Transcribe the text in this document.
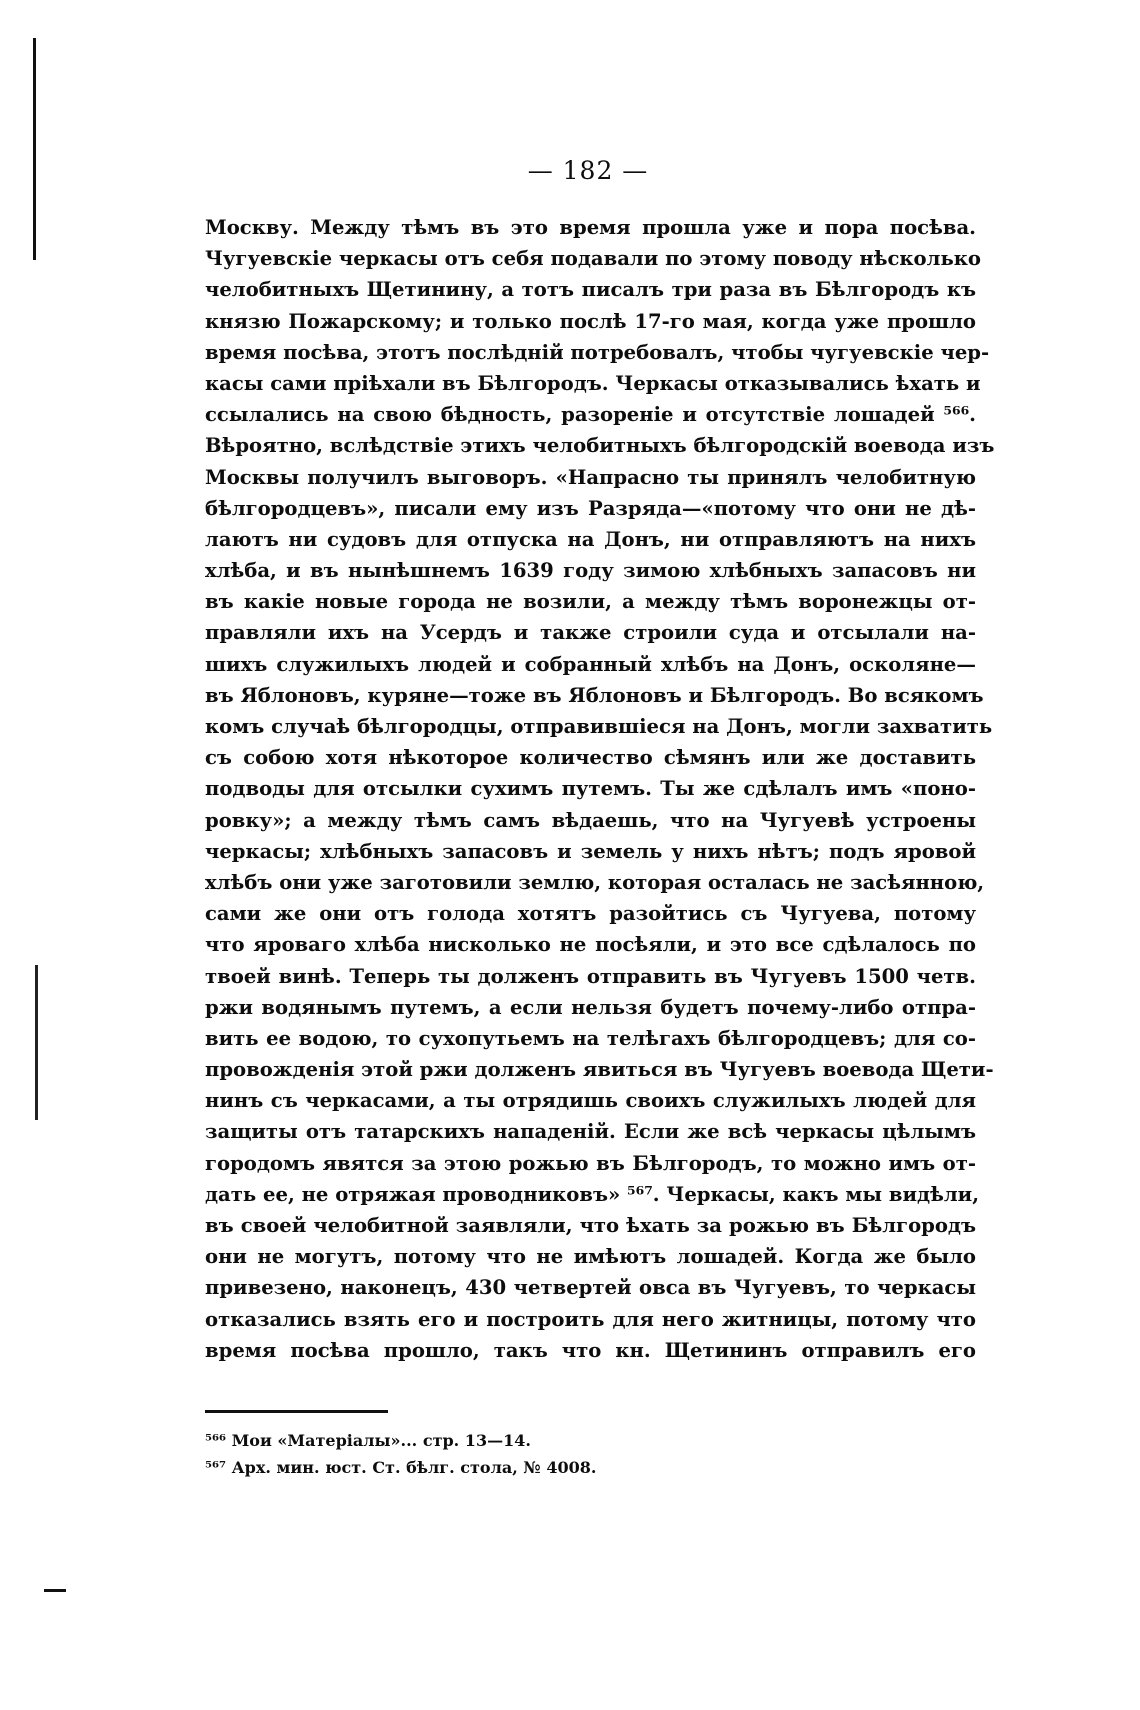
— 182 —
Москву. Между тѣмъ въ это время прошла уже и пора посѣва.
Чугуевскіе черкасы отъ себя подавали по этому поводу нѣсколько
челобитныхъ Щетинину, а тотъ писалъ три раза въ Бѣлгородъ къ
князю Пожарскому; и только послѣ 17-го мая, когда уже прошло
время посѣва, этотъ послѣдній потребовалъ, чтобы чугуевскіе чер-
касы сами пріѣхали въ Бѣлгородъ. Черкасы отказывались ѣхать и
ссылались на свою бѣдность, разореніе и отсутствіе лошадей ⁵⁶⁶.
Вѣроятно, вслѣдствіе этихъ челобитныхъ бѣлгородскій воевода изъ
Москвы получилъ выговоръ. «Напрасно ты принялъ челобитную
бѣлгородцевъ», писали ему изъ Разряда—«потому что они не дѣ-
лаютъ ни судовъ для отпуска на Донъ, ни отправляютъ на нихъ
хлѣба, и въ нынѣшнемъ 1639 году зимою хлѣбныхъ запасовъ ни
въ какіе новые города не возили, а между тѣмъ воронежцы от-
правляли ихъ на Усердъ и также строили суда и отсылали на-
шихъ служилыхъ людей и собранный хлѣбъ на Донъ, осколяне—
въ Яблоновъ, куряне—тоже въ Яблоновъ и Бѣлгородъ. Во всякомъ
комъ случаѣ бѣлгородцы, отправившіеся на Донъ, могли захватить
съ собою хотя нѣкоторое количество сѣмянъ или же доставить
подводы для отсылки сухимъ путемъ. Ты же сдѣлалъ имъ «поно-
ровку»; а между тѣмъ самъ вѣдаешь, что на Чугуевѣ устроены
черкасы; хлѣбныхъ запасовъ и земель у нихъ нѣтъ; подъ яровой
хлѣбъ они уже заготовили землю, которая осталась не засѣянною,
сами же они отъ голода хотятъ разойтись съ Чугуева, потому
что яроваго хлѣба нисколько не посѣяли, и это все сдѣлалось по
твоей винѣ. Теперь ты долженъ отправить въ Чугуевъ 1500 четв.
ржи водянымъ путемъ, а если нельзя будетъ почему-либо отпра-
вить ее водою, то сухопутьемъ на телѣгахъ бѣлгородцевъ; для со-
провожденія этой ржи долженъ явиться въ Чугуевъ воевода Щети-
нинъ съ черкасами, а ты отрядишь своихъ служилыхъ людей для
защиты отъ татарскихъ нападеній. Если же всѣ черкасы цѣлымъ
городомъ явятся за этою рожью въ Бѣлгородъ, то можно имъ от-
дать ее, не отряжая проводниковъ» ⁵⁶⁷. Черкасы, какъ мы видѣли,
въ своей челобитной заявляли, что ѣхать за рожью въ Бѣлгородъ
они не могутъ, потому что не имѣютъ лошадей. Когда же было
привезено, наконецъ, 430 четвертей овса въ Чугуевъ, то черкасы
отказались взять его и построить для него житницы, потому что
время посѣва прошло, такъ что кн. Щетининъ отправилъ его
⁵⁶⁶ Мои «Матеріалы»... стр. 13—14.
⁵⁶⁷ Арх. мин. юст. Ст. бѣлг. стола, № 4008.
